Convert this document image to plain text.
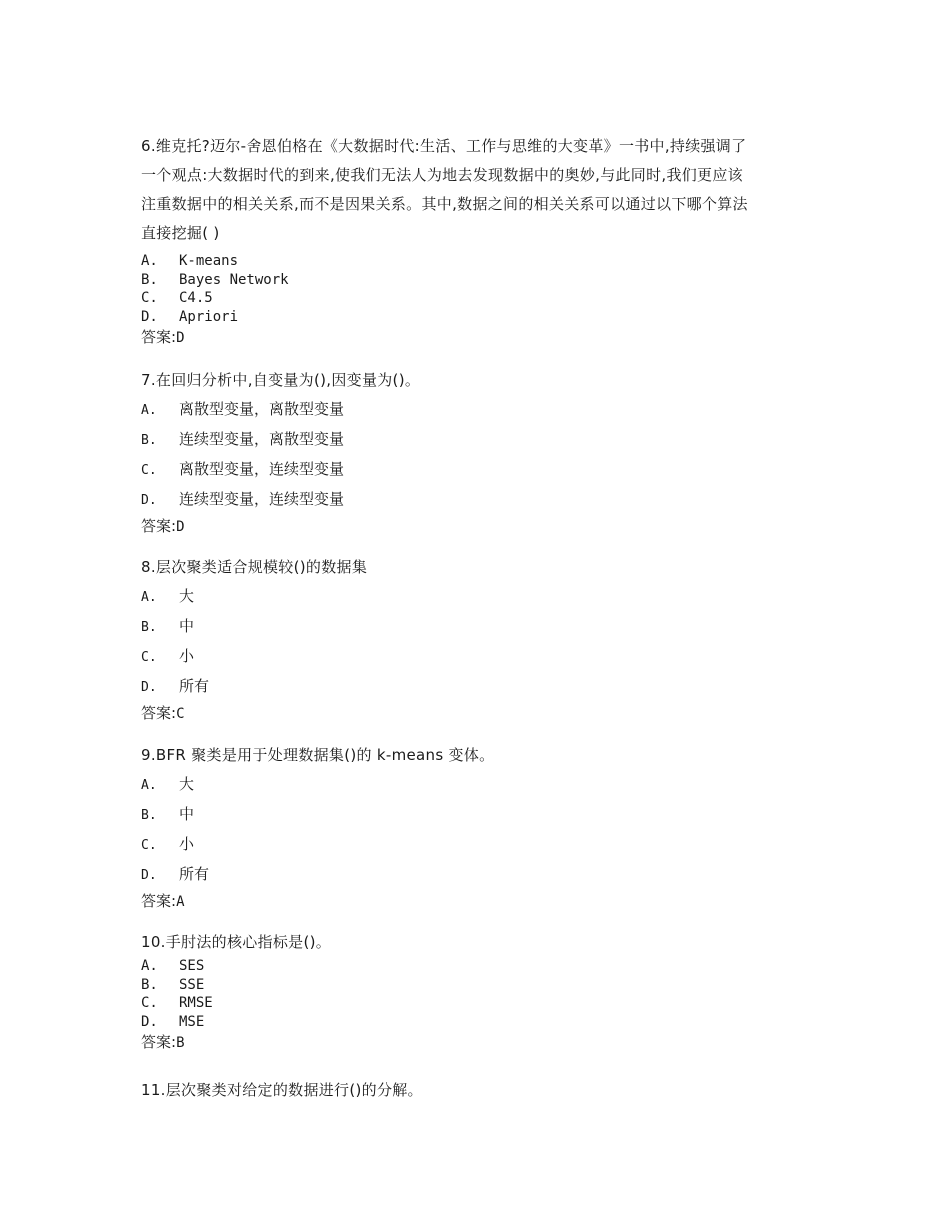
6.维克托?迈尔-舍恩伯格在《大数据时代:生活、工作与思维的大变革》一书中,持续强调了
一个观点:大数据时代的到来,使我们无法人为地去发现数据中的奥妙,与此同时,我们更应该
注重数据中的相关关系,而不是因果关系。其中,数据之间的相关关系可以通过以下哪个算法
直接挖掘( )
A. K-means
B. Bayes Network
C. C4.5
D. Apriori
答案:D
7.在回归分析中,自变量为(),因变量为()。
A. 离散型变量，离散型变量
B. 连续型变量，离散型变量
C. 离散型变量，连续型变量
D. 连续型变量，连续型变量
答案:D
8.层次聚类适合规模较()的数据集
A. 大
B. 中
C. 小
D. 所有
答案:C
9.BFR 聚类是用于处理数据集()的 k-means 变体。
A. 大
B. 中
C. 小
D. 所有
答案:A
10.手肘法的核心指标是()。
A. SES
B. SSE
C. RMSE
D. MSE
答案:B
11.层次聚类对给定的数据进行()的分解。
